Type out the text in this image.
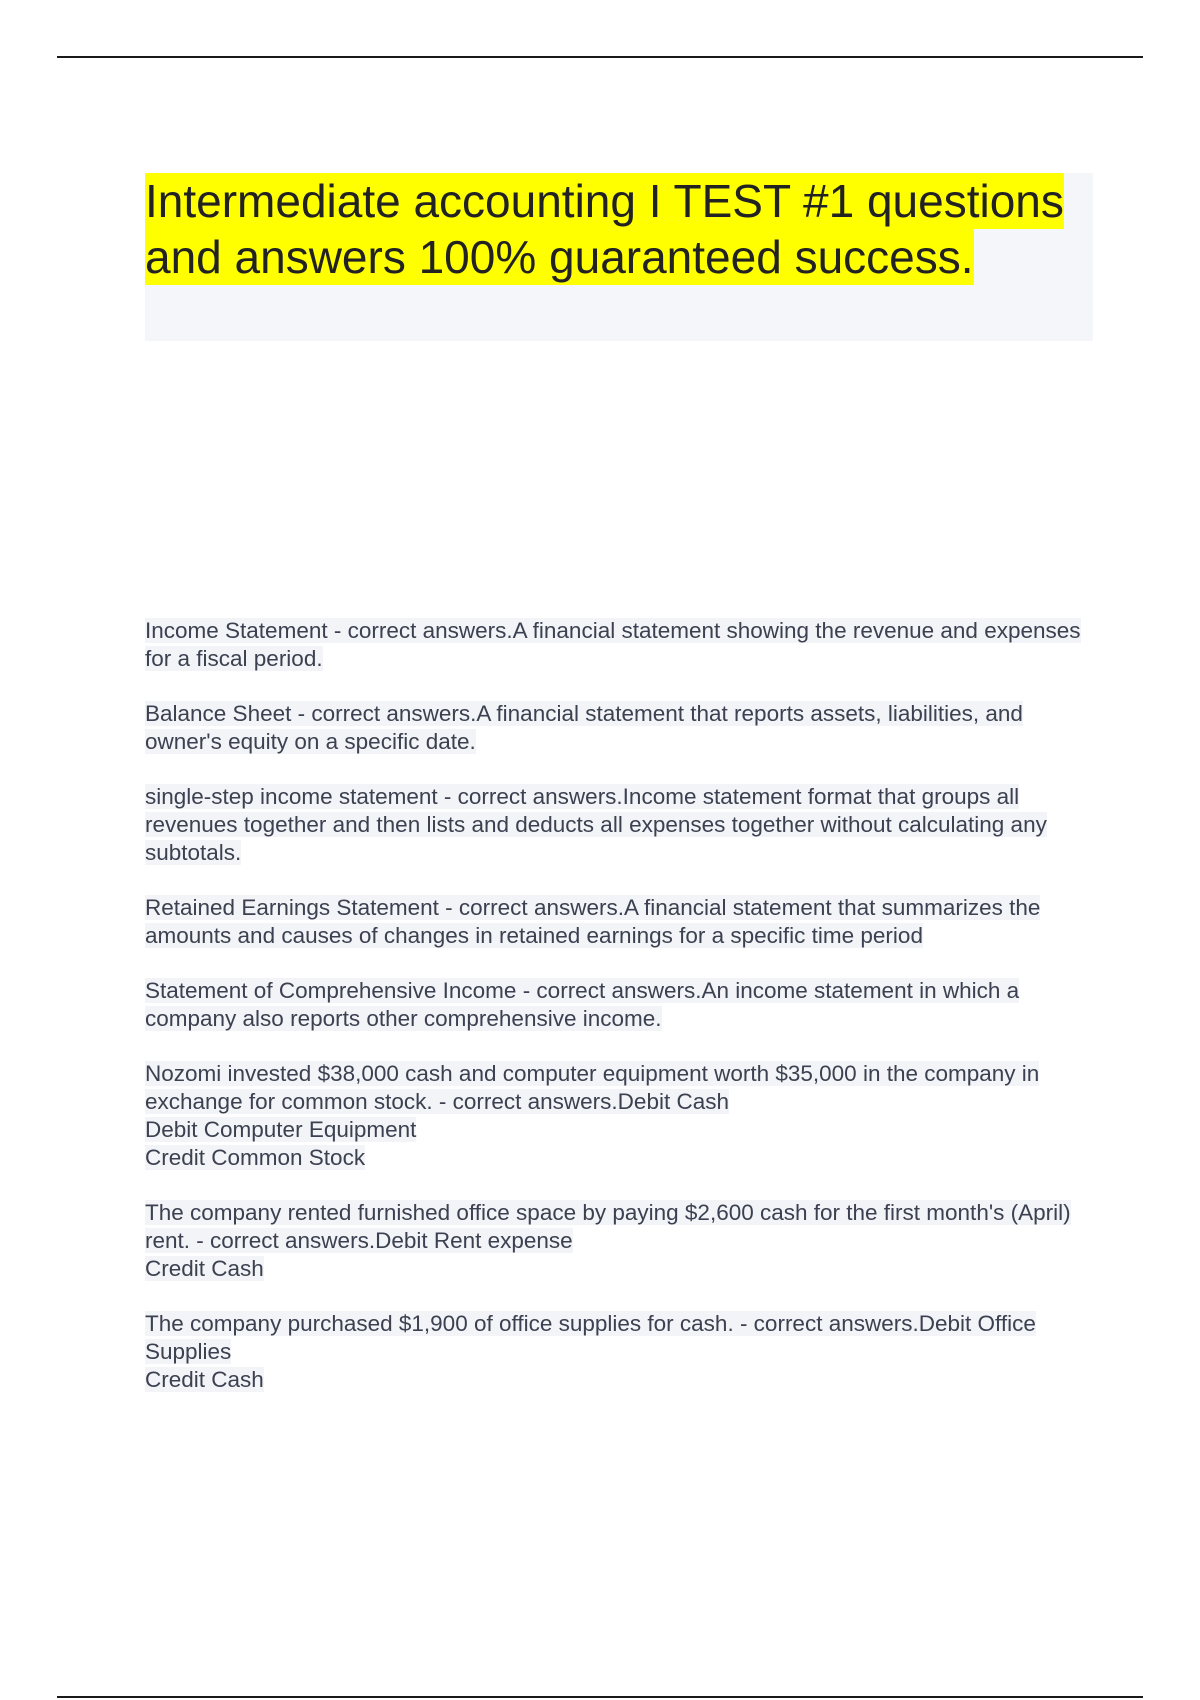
Intermediate accounting I TEST #1 questions and answers 100% guaranteed success.

Income Statement - correct answers.A financial statement showing the revenue and expenses for a fiscal period.

Balance Sheet - correct answers.A financial statement that reports assets, liabilities, and owner's equity on a specific date.

single-step income statement - correct answers.Income statement format that groups all revenues together and then lists and deducts all expenses together without calculating any subtotals.

Retained Earnings Statement - correct answers.A financial statement that summarizes the amounts and causes of changes in retained earnings for a specific time period

Statement of Comprehensive Income - correct answers.An income statement in which a company also reports other comprehensive income.

Nozomi invested $38,000 cash and computer equipment worth $35,000 in the company in exchange for common stock. - correct answers.Debit Cash
Debit Computer Equipment
Credit Common Stock

The company rented furnished office space by paying $2,600 cash for the first month's (April) rent. - correct answers.Debit Rent expense
Credit Cash

The company purchased $1,900 of office supplies for cash. - correct answers.Debit Office Supplies
Credit Cash
